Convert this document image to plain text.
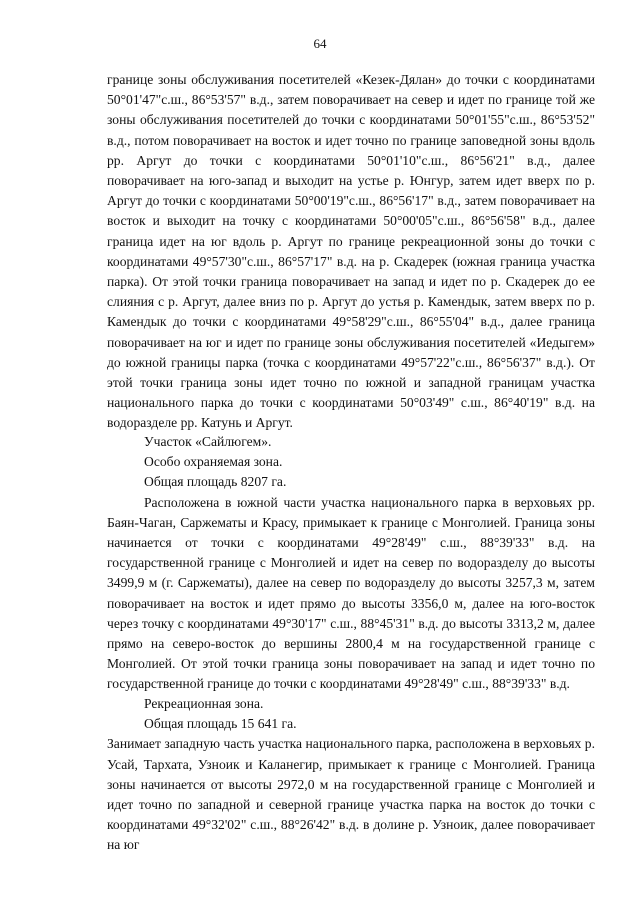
64

границе зоны обслуживания посетителей «Кезек-Дялан» до точки с координатами 50°01'47"с.ш., 86°53'57" в.д., затем поворачивает на север и идет по границе той же зоны обслуживания посетителей до точки с координатами 50°01'55"с.ш., 86°53'52" в.д., потом поворачивает на восток и идет точно по границе заповедной зоны вдоль рр. Аргут до точки с координатами 50°01'10"с.ш., 86°56'21" в.д., далее поворачивает на юго-запад и выходит на устье р. Юнгур, затем идет вверх по р. Аргут до точки с координатами 50°00'19"с.ш., 86°56'17" в.д., затем поворачивает на восток и выходит на точку с координатами 50°00'05"с.ш., 86°56'58" в.д., далее граница идет на юг вдоль р. Аргут по границе рекреационной зоны до точки с координатами 49°57'30"с.ш., 86°57'17" в.д. на р. Скадерек (южная граница участка парка). От этой точки граница поворачивает на запад и идет по р. Скадерек до ее слияния с р. Аргут, далее вниз по р. Аргут до устья р. Камендык, затем вверх по р. Камендык до точки с координатами 49°58'29"с.ш., 86°55'04" в.д., далее граница поворачивает на юг и идет по границе зоны обслуживания посетителей «Иедыгем» до южной границы парка (точка с координатами 49°57'22"с.ш., 86°56'37" в.д.). От этой точки граница зоны идет точно по южной и западной границам участка национального парка до точки с координатами 50°03'49" с.ш., 86°40'19" в.д. на водоразделе рр. Катунь и Аргут.

Участок «Сайлюгем».

Особо охраняемая зона.

Общая площадь 8207 га.

Расположена в южной части участка национального парка в верховьях рр. Баян-Чаган, Саржематы и Красу, примыкает к границе с Монголией. Граница зоны начинается от точки с координатами 49°28'49" с.ш., 88°39'33" в.д. на государственной границе с Монголией и идет на север по водоразделу до высоты 3499,9 м (г. Саржематы), далее на север по водоразделу до высоты 3257,3 м, затем поворачивает на восток и идет прямо до высоты 3356,0 м, далее на юго-восток через точку с координатами 49°30'17" с.ш., 88°45'31" в.д. до высоты 3313,2 м, далее прямо на северо-восток до вершины 2800,4 м на государственной границе с Монголией. От этой точки граница зоны поворачивает на запад и идет точно по государственной границе до точки с координатами 49°28'49" с.ш., 88°39'33" в.д.

Рекреационная зона.

Общая площадь 15 641 га.

Занимает западную часть участка национального парка, расположена в верховьях р. Усай, Тархата, Узноик и Каланегир, примыкает к границе с Монголией. Граница зоны начинается от высоты 2972,0 м на государственной границе с Монголией и идет точно по западной и северной границе участка парка на восток до точки с координатами 49°32'02" с.ш., 88°26'42" в.д. в долине р. Узноик, далее поворачивает на юг
